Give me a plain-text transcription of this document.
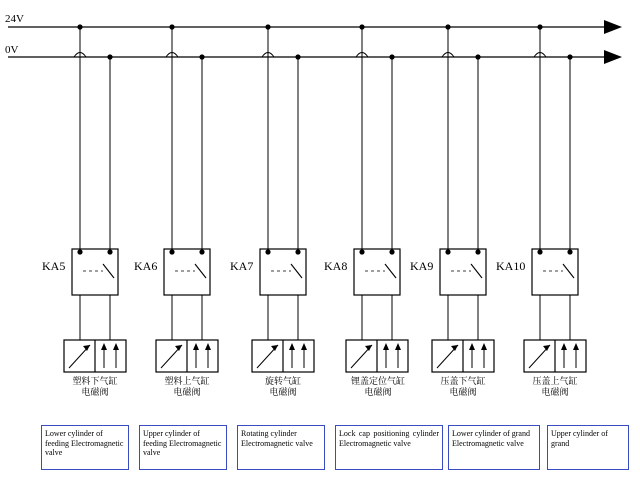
24V
0V
KA5	KA6	KA7	KA8	KA9	KA10
塑料下气缸
电磁阀
塑料上气缸
电磁阀
旋转气缸
电磁阀
锂盖定位气缸
电磁阀
压盖下气缸
电磁阀
压盖上气缸
电磁阀
Lower cylinder of feeding Electromagnetic valve
Upper cylinder of feeding Electromagnetic valve
Rotating cylinder Electromagnetic valve
Lock cap positioning cylinder Electromagnetic valve
Lower cylinder of grand Electromagnetic valve
Upper cylinder of grand
